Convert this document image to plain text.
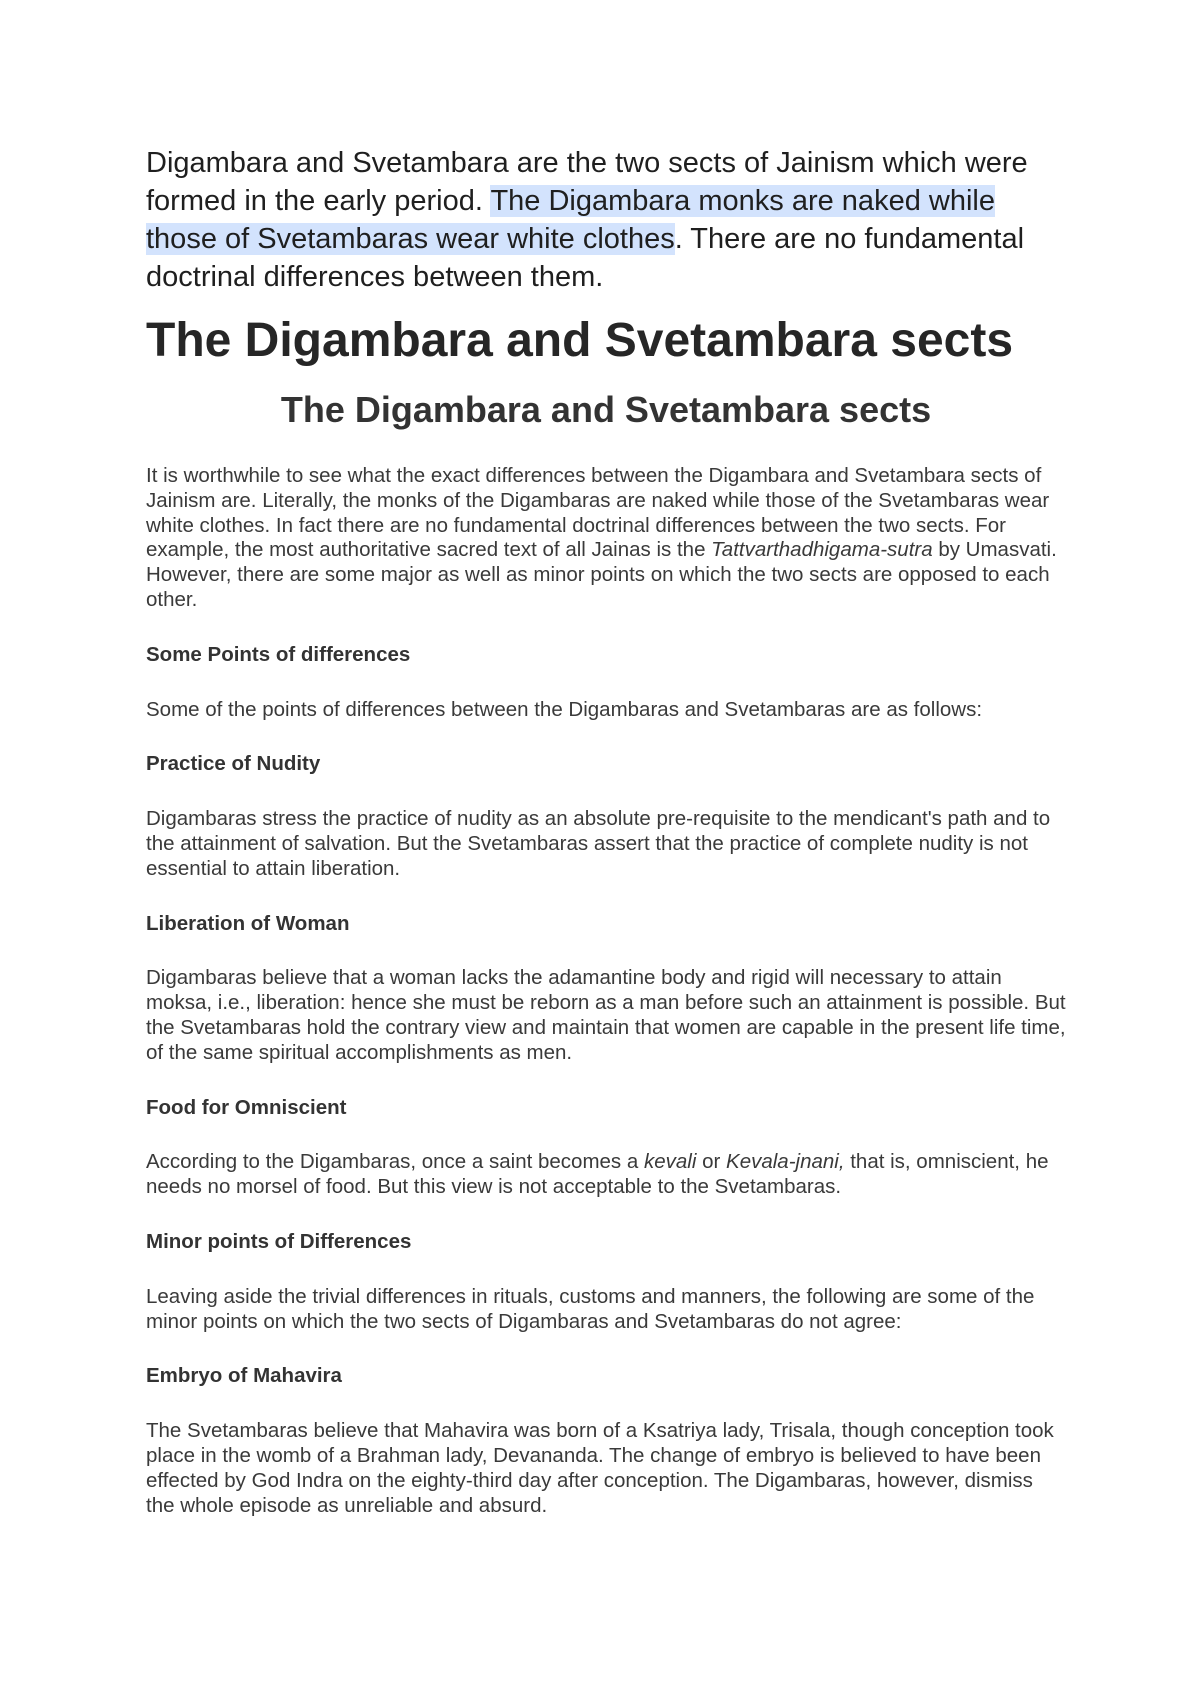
Digambara and Svetambara are the two sects of Jainism which were formed in the early period. The Digambara monks are naked while those of Svetambaras wear white clothes. There are no fundamental doctrinal differences between them.

The Digambara and Svetambara sects
The Digambara and Svetambara sects

It is worthwhile to see what the exact differences between the Digambara and Svetambara sects of Jainism are. Literally, the monks of the Digambaras are naked while those of the Svetambaras wear white clothes. In fact there are no fundamental doctrinal differences between the two sects. For example, the most authoritative sacred text of all Jainas is the Tattvarthadhigama-sutra by Umasvati. However, there are some major as well as minor points on which the two sects are opposed to each other.

Some Points of differences

Some of the points of differences between the Digambaras and Svetambaras are as follows:

Practice of Nudity

Digambaras stress the practice of nudity as an absolute pre-requisite to the mendicant's path and to the attainment of salvation. But the Svetambaras assert that the practice of complete nudity is not essential to attain liberation.

Liberation of Woman

Digambaras believe that a woman lacks the adamantine body and rigid will necessary to attain moksa, i.e., liberation: hence she must be reborn as a man before such an attainment is possible. But the Svetambaras hold the contrary view and maintain that women are capable in the present life time, of the same spiritual accomplishments as men.

Food for Omniscient

According to the Digambaras, once a saint becomes a kevali or Kevala-jnani, that is, omniscient, he needs no morsel of food. But this view is not acceptable to the Svetambaras.

Minor points of Differences

Leaving aside the trivial differences in rituals, customs and manners, the following are some of the minor points on which the two sects of Digambaras and Svetambaras do not agree:

Embryo of Mahavira

The Svetambaras believe that Mahavira was born of a Ksatriya lady, Trisala, though conception took place in the womb of a Brahman lady, Devananda. The change of embryo is believed to have been effected by God Indra on the eighty-third day after conception. The Digambaras, however, dismiss the whole episode as unreliable and absurd.
